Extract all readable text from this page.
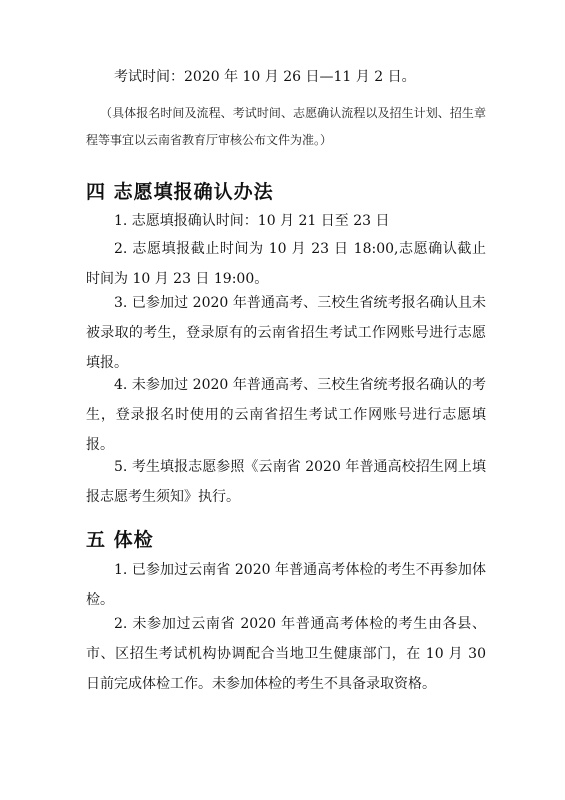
考试时间：2020 年 10 月 26 日—11 月 2 日。

（具体报名时间及流程、考试时间、志愿确认流程以及招生计划、招生章程等事宜以云南省教育厅审核公布文件为准。）

四 志愿填报确认办法

1. 志愿填报确认时间：10 月 21 日至 23 日

2. 志愿填报截止时间为 10 月 23 日 18:00,志愿确认截止时间为 10 月 23 日 19:00。

3. 已参加过 2020 年普通高考、三校生省统考报名确认且未被录取的考生，登录原有的云南省招生考试工作网账号进行志愿填报。

4. 未参加过 2020 年普通高考、三校生省统考报名确认的考生，登录报名时使用的云南省招生考试工作网账号进行志愿填报。

5. 考生填报志愿参照《云南省 2020 年普通高校招生网上填报志愿考生须知》执行。

五 体检

1. 已参加过云南省 2020 年普通高考体检的考生不再参加体检。

2. 未参加过云南省 2020 年普通高考体检的考生由各县、市、区招生考试机构协调配合当地卫生健康部门，在 10 月 30 日前完成体检工作。未参加体检的考生不具备录取资格。
